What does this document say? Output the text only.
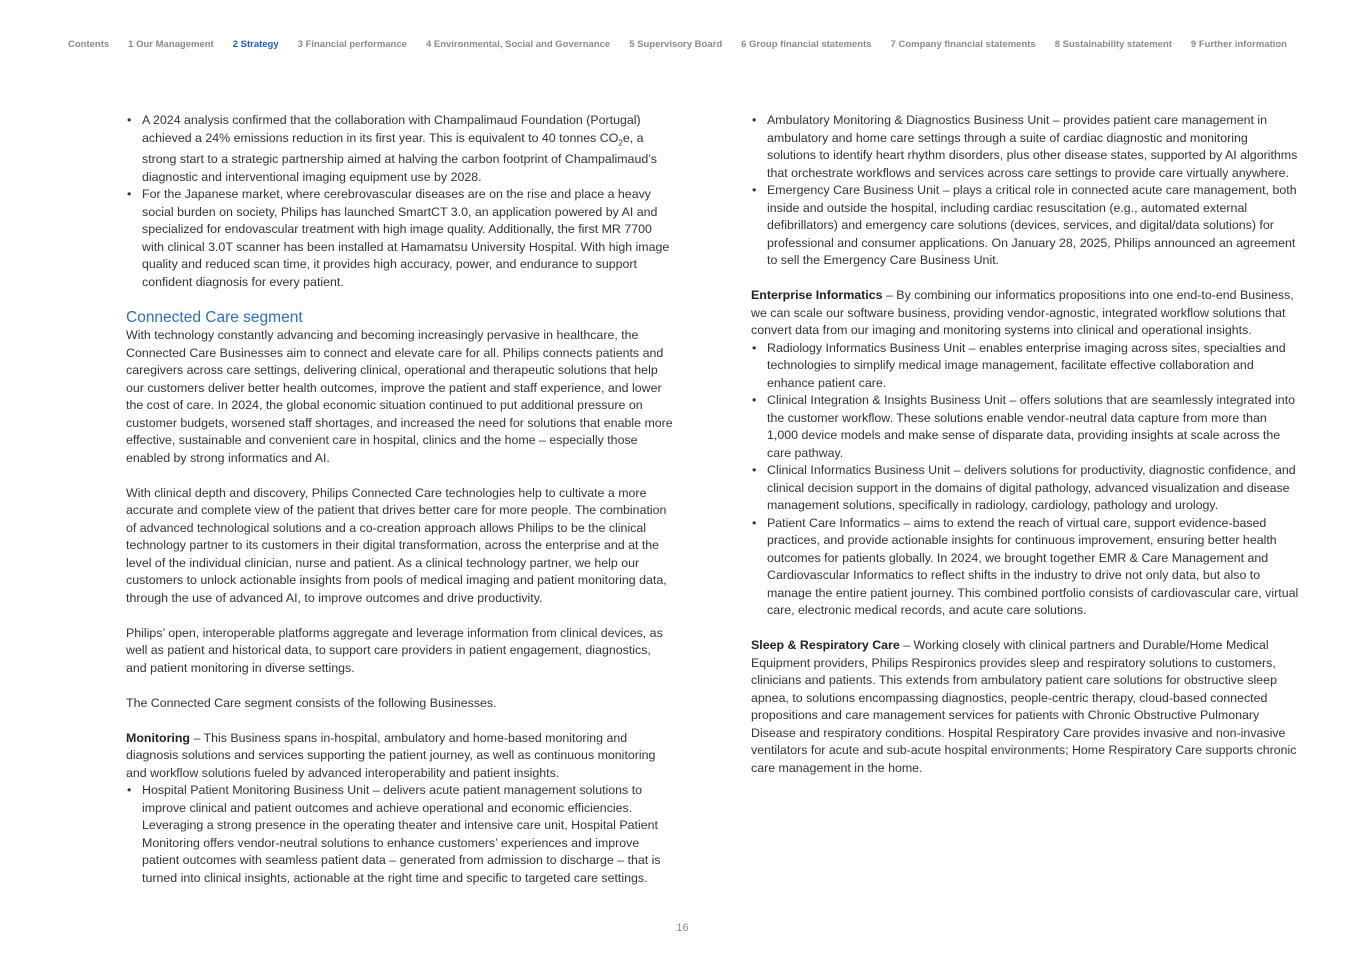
Contents 1 Our Management 2 Strategy 3 Financial performance 4 Environmental, Social and Governance 5 Supervisory Board 6 Group financial statements 7 Company financial statements 8 Sustainability statement 9 Further information
• A 2024 analysis confirmed that the collaboration with Champalimaud Foundation (Portugal) achieved a 24% emissions reduction in its first year. This is equivalent to 40 tonnes $CO_2e$, a strong start to a strategic partnership aimed at halving the carbon footprint of Champalimaud’s diagnostic and interventional imaging equipment use by 2028.
• For the Japanese market, where cerebrovascular diseases are on the rise and place a heavy social burden on society, Philips has launched SmartCT 3.0, an application powered by AI and specialized for endovascular treatment with high image quality. Additionally, the first MR 7700 with clinical 3.0T scanner has been installed at Hamamatsu University Hospital. With high image quality and reduced scan time, it provides high accuracy, power, and endurance to support confident diagnosis for every patient.
Connected Care segment

With technology constantly advancing and becoming increasingly pervasive in healthcare, the Connected Care Businesses aim to connect and elevate care for all. Philips connects patients and caregivers across care settings, delivering clinical, operational and therapeutic solutions that help our customers deliver better health outcomes, improve the patient and staff experience, and lower the cost of care. In 2024, the global economic situation continued to put additional pressure on customer budgets, worsened staff shortages, and increased the need for solutions that enable more effective, sustainable and convenient care in hospital, clinics and the home – especially those enabled by strong informatics and AI.

With clinical depth and discovery, Philips Connected Care technologies help to cultivate a more accurate and complete view of the patient that drives better care for more people. The combination of advanced technological solutions and a co-creation approach allows Philips to be the clinical technology partner to its customers in their digital transformation, across the enterprise and at the level of the individual clinician, nurse and patient. As a clinical technology partner, we help our customers to unlock actionable insights from pools of medical imaging and patient monitoring data, through the use of advanced AI, to improve outcomes and drive productivity.

Philips’ open, interoperable platforms aggregate and leverage information from clinical devices, as well as patient and historical data, to support care providers in patient engagement, diagnostics, and patient monitoring in diverse settings.

The Connected Care segment consists of the following Businesses.

Monitoring – This Business spans in-hospital, ambulatory and home-based monitoring and diagnosis solutions and services supporting the patient journey, as well as continuous monitoring and workflow solutions fueled by advanced interoperability and patient insights.

• Hospital Patient Monitoring Business Unit – delivers acute patient management solutions to improve clinical and patient outcomes and achieve operational and economic efficiencies. Leveraging a strong presence in the operating theater and intensive care unit, Hospital Patient Monitoring offers vendor-neutral solutions to enhance customers’ experiences and improve patient outcomes with seamless patient data – generated from admission to discharge – that is turned into clinical insights, actionable at the right time and specific to targeted care settings.
• Ambulatory Monitoring & Diagnostics Business Unit – provides patient care management in ambulatory and home care settings through a suite of cardiac diagnostic and monitoring solutions to identify heart rhythm disorders, plus other disease states, supported by AI algorithms that orchestrate workflows and services across care settings to provide care virtually anywhere.
• Emergency Care Business Unit – plays a critical role in connected acute care management, both inside and outside the hospital, including cardiac resuscitation (e.g., automated external defibrillators) and emergency care solutions (devices, services, and digital/data solutions) for professional and consumer applications. On January 28, 2025, Philips announced an agreement to sell the Emergency Care Business Unit.

Enterprise Informatics – By combining our informatics propositions into one end-to-end Business, we can scale our software business, providing vendor-agnostic, integrated workflow solutions that convert data from our imaging and monitoring systems into clinical and operational insights.

• Radiology Informatics Business Unit – enables enterprise imaging across sites, specialties and technologies to simplify medical image management, facilitate effective collaboration and enhance patient care.
• Clinical Integration & Insights Business Unit – offers solutions that are seamlessly integrated into the customer workflow. These solutions enable vendor-neutral data capture from more than 1,000 device models and make sense of disparate data, providing insights at scale across the care pathway.
• Clinical Informatics Business Unit – delivers solutions for productivity, diagnostic confidence, and clinical decision support in the domains of digital pathology, advanced visualization and disease management solutions, specifically in radiology, cardiology, pathology and urology.
• Patient Care Informatics – aims to extend the reach of virtual care, support evidence-based practices, and provide actionable insights for continuous improvement, ensuring better health outcomes for patients globally. In 2024, we brought together EMR & Care Management and Cardiovascular Informatics to reflect shifts in the industry to drive not only data, but also to manage the entire patient journey. This combined portfolio consists of cardiovascular care, virtual care, electronic medical records, and acute care solutions.

Sleep & Respiratory Care – Working closely with clinical partners and Durable/Home Medical Equipment providers, Philips Respironics provides sleep and respiratory solutions to customers, clinicians and patients. This extends from ambulatory patient care solutions for obstructive sleep apnea, to solutions encompassing diagnostics, people-centric therapy, cloud-based connected propositions and care management services for patients with Chronic Obstructive Pulmonary Disease and respiratory conditions. Hospital Respiratory Care provides invasive and non-invasive ventilators for acute and sub-acute hospital environments; Home Respiratory Care supports chronic care management in the home.

16
